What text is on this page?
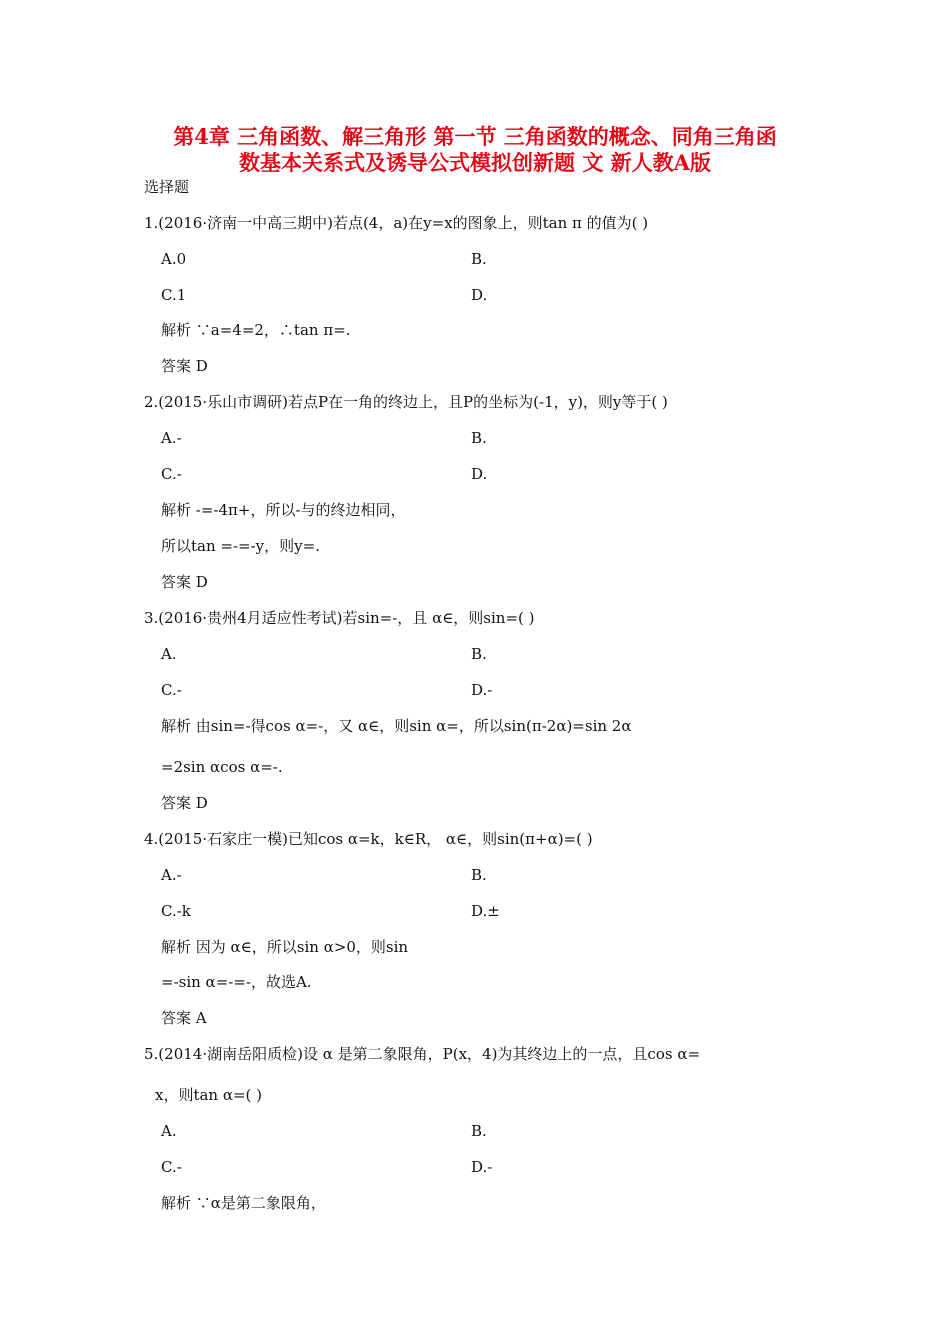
第4章 三角函数、解三角形 第一节 三角函数的概念、同角三角函
数基本关系式及诱导公式模拟创新题 文 新人教A版
选择题
1.(2016·济南一中高三期中)若点(4，a)在y=x的图象上，则tan π 的值为( )
A.0	B.
C.1	D.
解析 ∵a=4=2，∴tan π=.
答案 D
2.(2015·乐山市调研)若点P在一角的终边上，且P的坐标为(-1，y)，则y等于( )
A.-	B.
C.-	D.
解析 -=-4π+，所以-与的终边相同，
所以tan =-=-y，则y=.
答案 D
3.(2016·贵州4月适应性考试)若sin=-，且 α∈，则sin=( )
A.	B.
C.-	D.-
解析 由sin=-得cos α=-，又 α∈，则sin α=，所以sin(π-2α)=sin 2α
=2sin αcos α=-.
答案 D
4.(2015·石家庄一模)已知cos α=k，k∈R， α∈，则sin(π+α)=( )
A.-	B.
C.-k	D.±
解析 因为 α∈，所以sin α>0，则sin
=-sin α=-=-，故选A.
答案 A
5.(2014·湖南岳阳质检)设 α 是第二象限角，P(x，4)为其终边上的一点，且cos α=
x，则tan α=( )
A.	B.
C.-	D.-
解析 ∵α是第二象限角，
